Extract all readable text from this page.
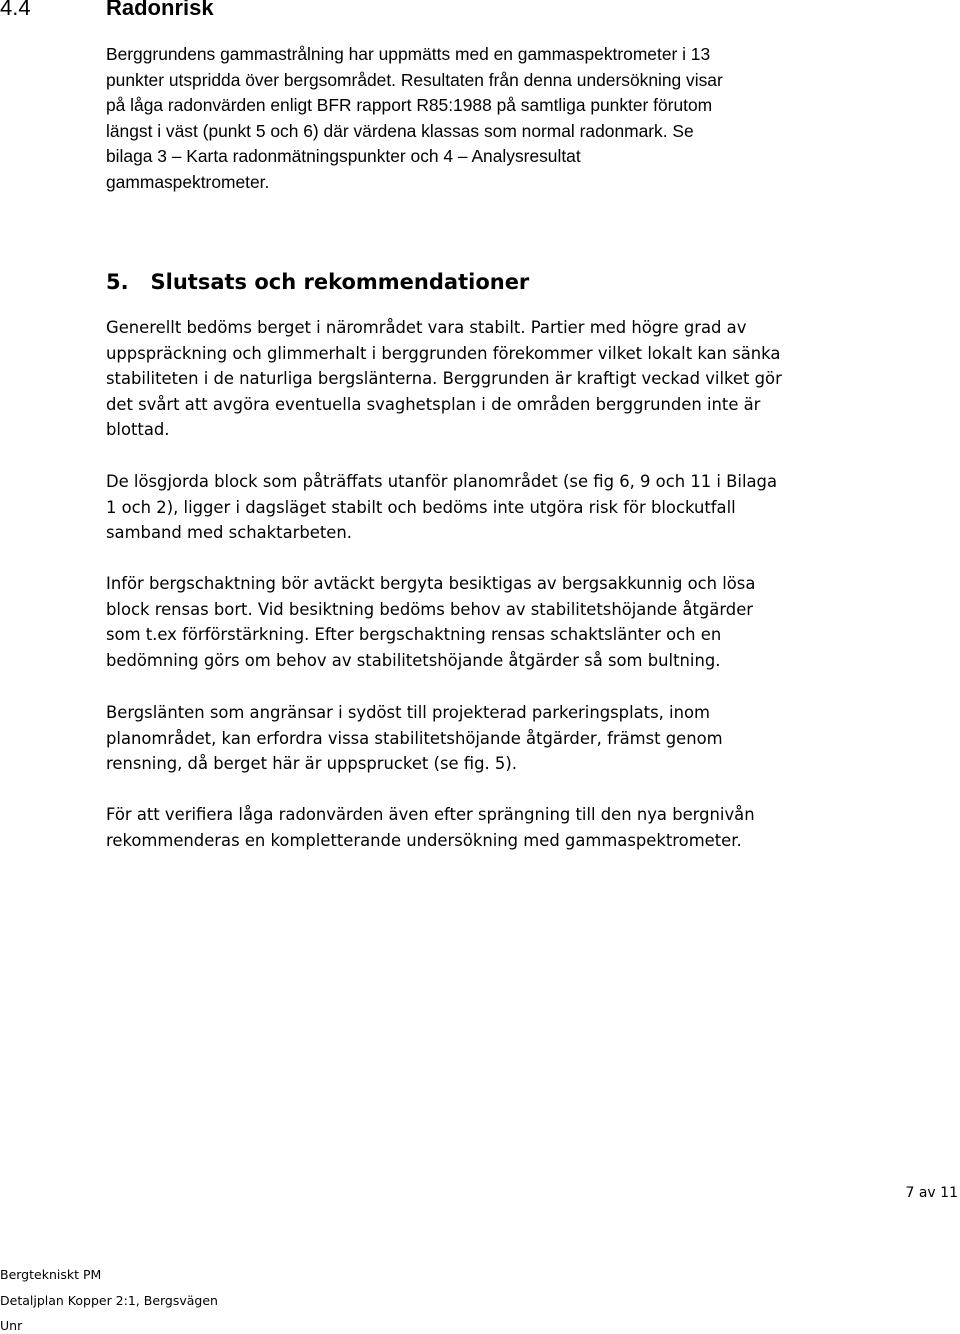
4.4	Radonrisk
Berggrundens gammastrålning har uppmätts med en gammaspektrometer i 13
punkter utspridda över bergsområdet. Resultaten från denna undersökning visar
på låga radonvärden enligt BFR rapport R85:1988 på samtliga punkter förutom
längst i väst (punkt 5 och 6) där värdena klassas som normal radonmark. Se
bilaga 3 – Karta radonmätningspunkter och 4 – Analysresultat
gammaspektrometer.
5.   Slutsats och rekommendationer
Generellt bedöms berget i närområdet vara stabilt. Partier med högre grad av
uppspräckning och glimmerhalt i berggrunden förekommer vilket lokalt kan sänka
stabiliteten i de naturliga bergslänterna. Berggrunden är kraftigt veckad vilket gör
det svårt att avgöra eventuella svaghetsplan i de områden berggrunden inte är
blottad.
De lösgjorda block som påträffats utanför planområdet (se fig 6, 9 och 11 i Bilaga
1 och 2), ligger i dagsläget stabilt och bedöms inte utgöra risk för blockutfall
samband med schaktarbeten.
Inför bergschaktning bör avtäckt bergyta besiktigas av bergsakkunnig och lösa
block rensas bort. Vid besiktning bedöms behov av stabilitetshöjande åtgärder
som t.ex förförstärkning. Efter bergschaktning rensas schaktslänter och en
bedömning görs om behov av stabilitetshöjande åtgärder så som bultning.
Bergslänten som angränsar i sydöst till projekterad parkeringsplats, inom
planområdet, kan erfordra vissa stabilitetshöjande åtgärder, främst genom
rensning, då berget här är uppsprucket (se fig. 5).
För att verifiera låga radonvärden även efter sprängning till den nya bergnivån
rekommenderas en kompletterande undersökning med gammaspektrometer.
7 av 11
Bergtekniskt PM
Detaljplan Kopper 2:1, Bergsvägen
Unr
